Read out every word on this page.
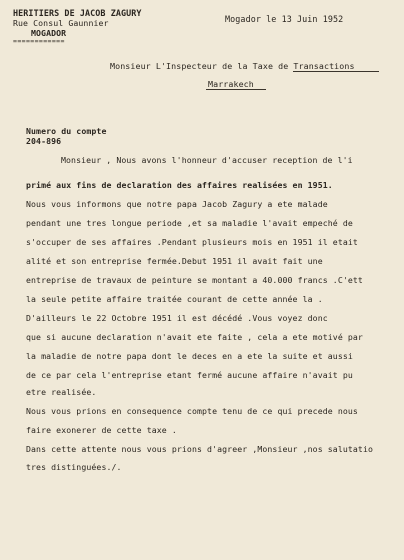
HERITIERS DE JACOB ZAGURY
Rue Consul Gaunnier
MOGADOR
============
Mogador le 13 Juin 1952
Monsieur L'Inspecteur de la Taxe de Transactions
Marrakech
Numero du compte
204-896
Monsieur , Nous avons l'honneur d'accuser reception de l'i
primé aux fins de declaration des affaires realisées en 1951.
Nous vous informons que notre papa Jacob Zagury a ete malade
pendant une tres longue periode ,et sa maladie l'avait empeché de
s'occuper de ses affaires .Pendant plusieurs mois en 1951 il etait
alité et son entreprise fermée.Debut 1951 il avait fait une
entreprise de travaux de peinture se montant a 40.000 francs .C'ett
la seule petite affaire traitée courant de cette année la .
D'ailleurs le 22 Octobre 1951 il est décédé .Vous voyez donc
que si aucune declaration n'avait ete faite , cela a ete motivé par
la maladie de notre papa dont le deces en a ete la suite et aussi
de ce par cela l'entreprise etant fermé aucune affaire n'avait pu
etre realisée.
Nous vous prions en consequence compte tenu de ce qui precede nous
faire exonerer de cette taxe .
Dans cette attente nous vous prions d'agreer ,Monsieur ,nos salutatio
tres distinguées./.
